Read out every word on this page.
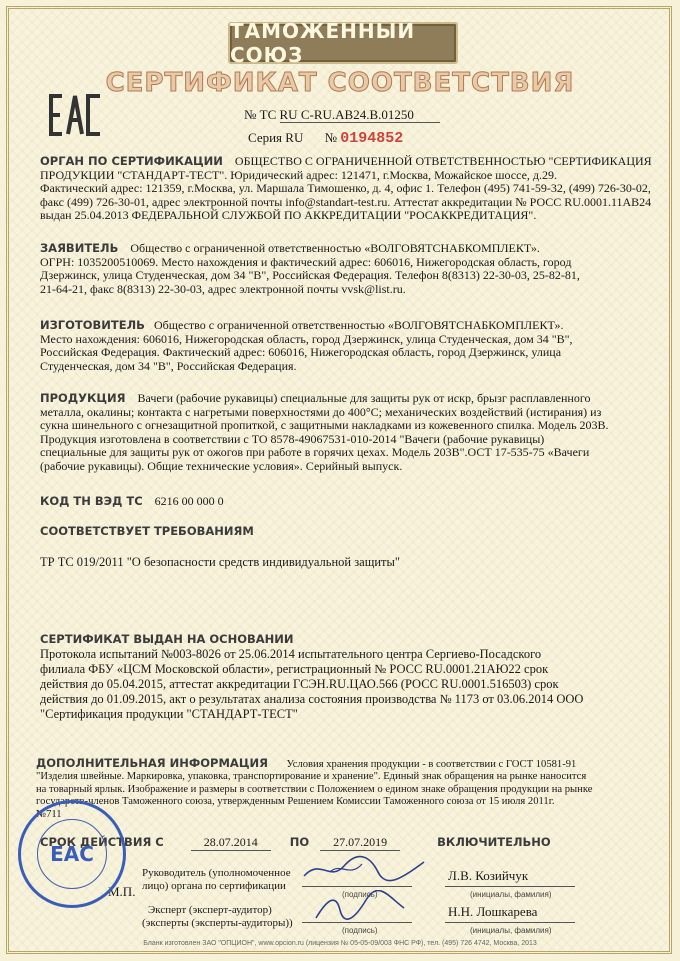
ТАМОЖЕННЫЙ СОЮЗ
СЕРТИФИКАТ СООТВЕТСТВИЯ
№ ТС RU С-RU.АВ24.В.01250
Серия RU № 0194852
ОРГАН ПО СЕРТИФИКАЦИИ ОБЩЕСТВО С ОГРАНИЧЕННОЙ ОТВЕТСТВЕННОСТЬЮ "СЕРТИФИКАЦИЯ
ПРОДУКЦИИ "СТАНДАРТ-ТЕСТ". Юридический адрес: 121471, г.Москва, Можайское шоссе, д.29.
Фактический адрес: 121359, г.Москва, ул. Маршала Тимошенко, д. 4, офис 1. Телефон (495) 741-59-32, (499) 726-30-02,
факс (499) 726-30-01, адрес электронной почты info@standart-test.ru. Аттестат аккредитации № РОСС RU.0001.11АВ24
выдан 25.04.2013 ФЕДЕРАЛЬНОЙ СЛУЖБОЙ ПО АККРЕДИТАЦИИ "РОСАККРЕДИТАЦИЯ".
ЗАЯВИТЕЛЬ Общество с ограниченной ответственностью «ВОЛГОВЯТСНАБКОМПЛЕКТ».
ОГРН: 1035200510069. Место нахождения и фактический адрес: 606016, Нижегородская область, город
Дзержинск, улица Студенческая, дом 34 "В", Российская Федерация. Телефон 8(8313) 22-30-03, 25-82-81,
21-64-21, факс 8(8313) 22-30-03, адрес электронной почты vvsk@list.ru.
ИЗГОТОВИТЕЛЬ Общество с ограниченной ответственностью «ВОЛГОВЯТСНАБКОМПЛЕКТ».
Место нахождения: 606016, Нижегородская область, город Дзержинск, улица Студенческая, дом 34 "В",
Российская Федерация. Фактический адрес: 606016, Нижегородская область, город Дзержинск, улица
Студенческая, дом 34 "В", Российская Федерация.
ПРОДУКЦИЯ Вачеги (рабочие рукавицы) специальные для защиты рук от искр, брызг расплавленного
металла, окалины; контакта с нагретыми поверхностями до 400°С; механических воздействий (истирания) из
сукна шинельного с огнезащитной пропиткой, с защитными накладками из кожевенного спилка. Модель 203В.
Продукция изготовлена в соответствии с ТО 8578-49067531-010-2014 "Вачеги (рабочие рукавицы)
специальные для защиты рук от ожогов при работе в горячих цехах. Модель 203В".ОСТ 17-535-75 «Вачеги
(рабочие рукавицы). Общие технические условия». Серийный выпуск.
КОД ТН ВЭД ТС 6216 00 000 0
СООТВЕТСТВУЕТ ТРЕБОВАНИЯМ
ТР ТС 019/2011 "О безопасности средств индивидуальной защиты"
СЕРТИФИКАТ ВЫДАН НА ОСНОВАНИИ
Протокола испытаний №003-8026 от 25.06.2014 испытательного центра Сергиево-Посадского
филиала ФБУ «ЦСМ Московской области», регистрационный № РОСС RU.0001.21АЮ22 срок
действия до 05.04.2015, аттестат аккредитации ГСЭН.RU.ЦАО.566 (РОСС RU.0001.516503) срок
действия до 01.09.2015, акт о результатах анализа состояния производства № 1173 от 03.06.2014 ООО
"Сертификация продукции "СТАНДАРТ-ТЕСТ"
ДОПОЛНИТЕЛЬНАЯ ИНФОРМАЦИЯ Условия хранения продукции - в соответствии с ГОСТ 10581-91
"Изделия швейные. Маркировка, упаковка, транспортирование и хранение". Единый знак обращения на рынке наносится
на товарный ярлык. Изображение и размеры в соответствии с Положением о едином знаке обращения продукции на рынке
государств-членов Таможенного союза, утвержденным Решением Комиссии Таможенного союза от 15 июля 2011г.
№711
СРОК ДЕЙСТВИЯ С	28.07.2014	ПО 27.07.2019	ВКЛЮЧИТЕЛЬНО
Руководитель (уполномоченное
лицо) органа по сертификации
М.П.	(подпись)
Л.В. Козийчук
(инициалы, фамилия)
Эксперт (эксперт-аудитор)
(эксперты (эксперты-аудиторы))
(подпись)
Н.Н. Лошкарева
(инициалы, фамилия)
EAC
Бланк изготовлен ЗАО "ОПЦИОН", www.opcion.ru (лицензия № 05-05-09/003 ФНС РФ), тел. (495) 726 4742, Москва, 2013
